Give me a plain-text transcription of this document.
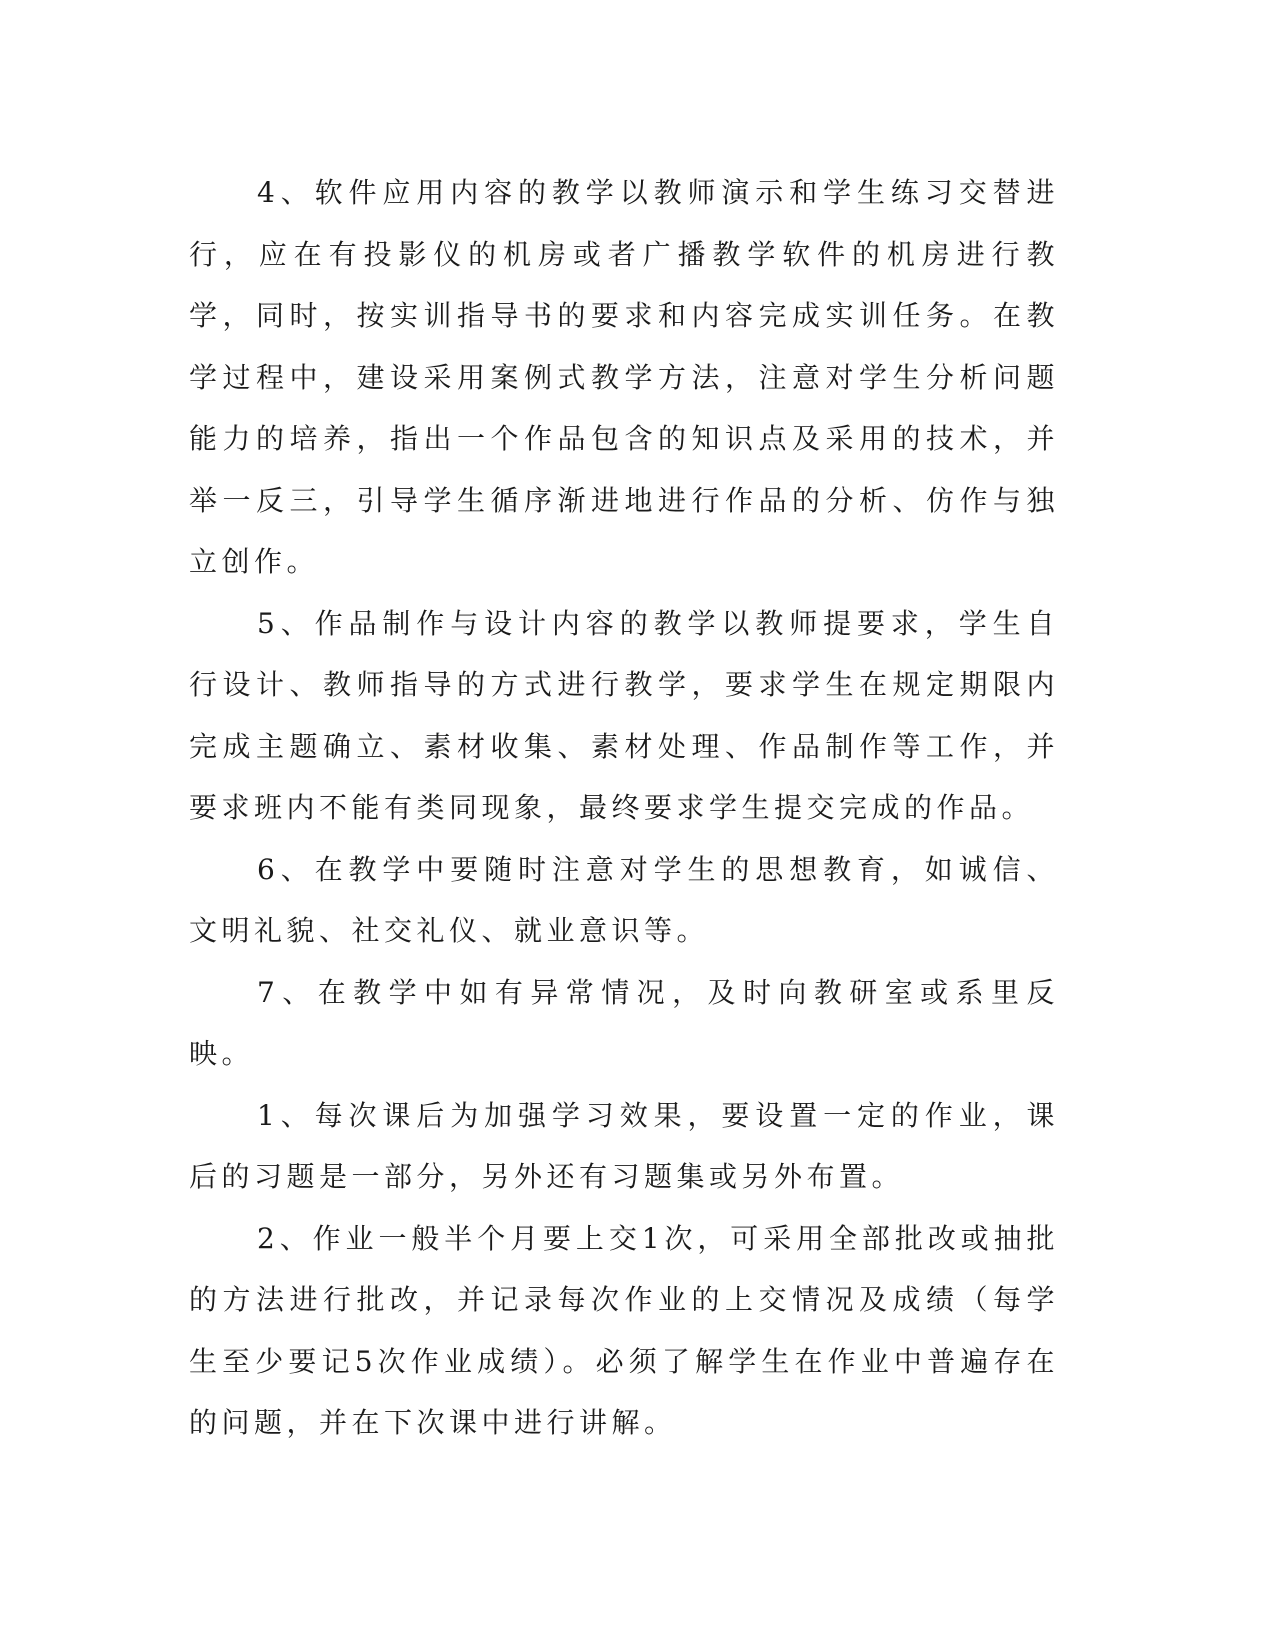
4、软件应用内容的教学以教师演示和学生练习交替进行，应在有投影仪的机房或者广播教学软件的机房进行教学，同时，按实训指导书的要求和内容完成实训任务。在教学过程中，建设采用案例式教学方法，注意对学生分析问题能力的培养，指出一个作品包含的知识点及采用的技术，并举一反三，引导学生循序渐进地进行作品的分析、仿作与独立创作。

5、作品制作与设计内容的教学以教师提要求，学生自行设计、教师指导的方式进行教学，要求学生在规定期限内完成主题确立、素材收集、素材处理、作品制作等工作，并要求班内不能有类同现象，最终要求学生提交完成的作品。

6、在教学中要随时注意对学生的思想教育，如诚信、文明礼貌、社交礼仪、就业意识等。

7、在教学中如有异常情况，及时向教研室或系里反映。

1、每次课后为加强学习效果，要设置一定的作业，课后的习题是一部分，另外还有习题集或另外布置。

2、作业一般半个月要上交1次，可采用全部批改或抽批的方法进行批改，并记录每次作业的上交情况及成绩（每学生至少要记5次作业成绩）。必须了解学生在作业中普遍存在的问题，并在下次课中进行讲解。
